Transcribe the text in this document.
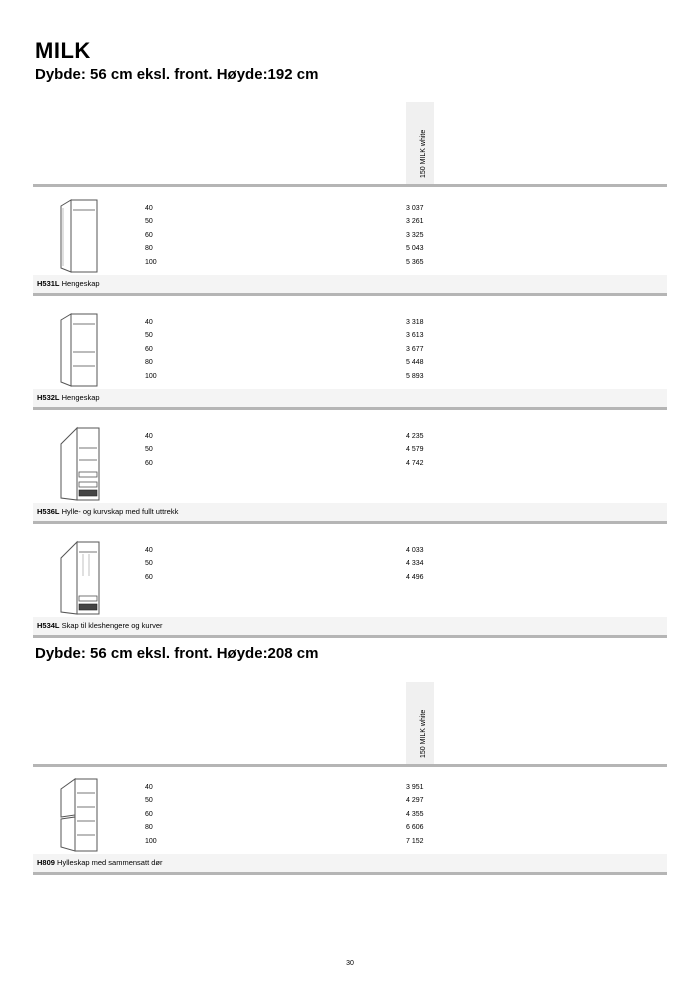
MILK
Dybde: 56 cm eksl. front. Høyde:192 cm
150 MILK white
40
50
60
80
100
3 037
3 261
3 325
5 043
5 365
H531L Hengeskap
40
50
60
80
100
3 318
3 613
3 677
5 448
5 893
H532L Hengeskap
40
50
60
4 235
4 579
4 742
H536L Hylle- og kurvskap med fullt uttrekk
40
50
60
4 033
4 334
4 496
H534L Skap til kleshengere og kurver
Dybde: 56 cm eksl. front. Høyde:208 cm
150 MILK white
40
50
60
80
100
3 951
4 297
4 355
6 606
7 152
H809 Hylleskap med sammensatt dør
30
